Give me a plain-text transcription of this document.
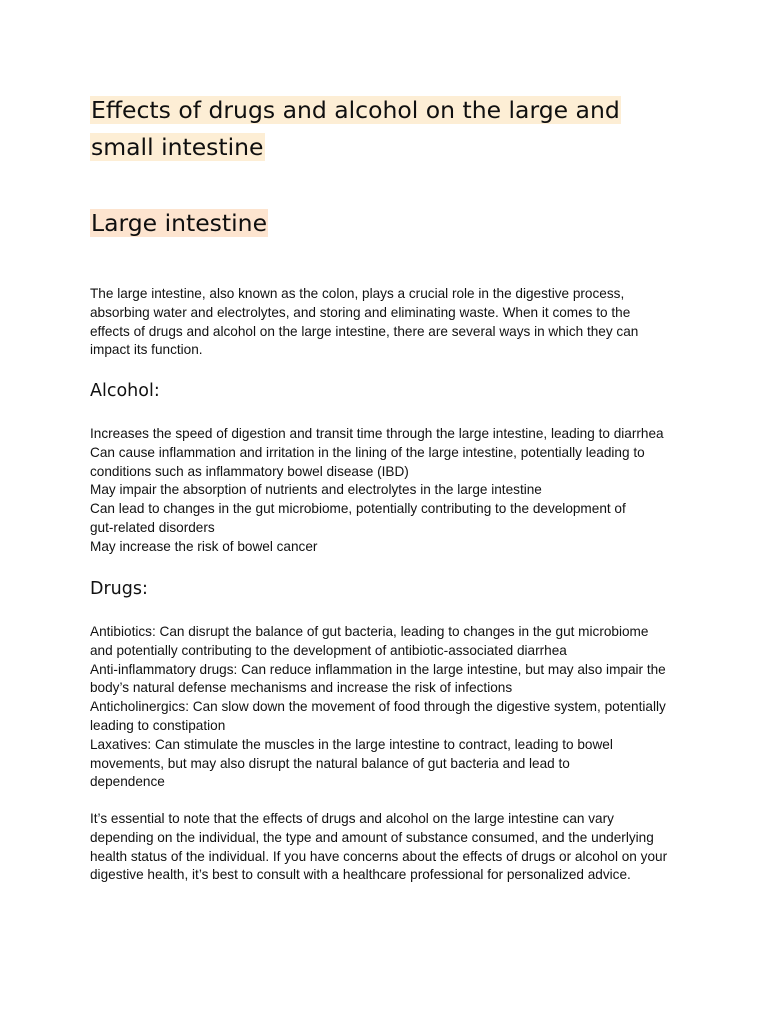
Effects of drugs and alcohol on the large and small intestine
Large intestine

The large intestine, also known as the colon, plays a crucial role in the digestive process,
absorbing water and electrolytes, and storing and eliminating waste. When it comes to the
effects of drugs and alcohol on the large intestine, there are several ways in which they can
impact its function.

Alcohol:

Increases the speed of digestion and transit time through the large intestine, leading to diarrhea
Can cause inflammation and irritation in the lining of the large intestine, potentially leading to
conditions such as inflammatory bowel disease (IBD)
May impair the absorption of nutrients and electrolytes in the large intestine
Can lead to changes in the gut microbiome, potentially contributing to the development of
gut-related disorders
May increase the risk of bowel cancer

Drugs:

Antibiotics: Can disrupt the balance of gut bacteria, leading to changes in the gut microbiome
and potentially contributing to the development of antibiotic-associated diarrhea
Anti-inflammatory drugs: Can reduce inflammation in the large intestine, but may also impair the
body’s natural defense mechanisms and increase the risk of infections
Anticholinergics: Can slow down the movement of food through the digestive system, potentially
leading to constipation
Laxatives: Can stimulate the muscles in the large intestine to contract, leading to bowel
movements, but may also disrupt the natural balance of gut bacteria and lead to
dependence

It’s essential to note that the effects of drugs and alcohol on the large intestine can vary
depending on the individual, the type and amount of substance consumed, and the underlying
health status of the individual. If you have concerns about the effects of drugs or alcohol on your
digestive health, it’s best to consult with a healthcare professional for personalized advice.
